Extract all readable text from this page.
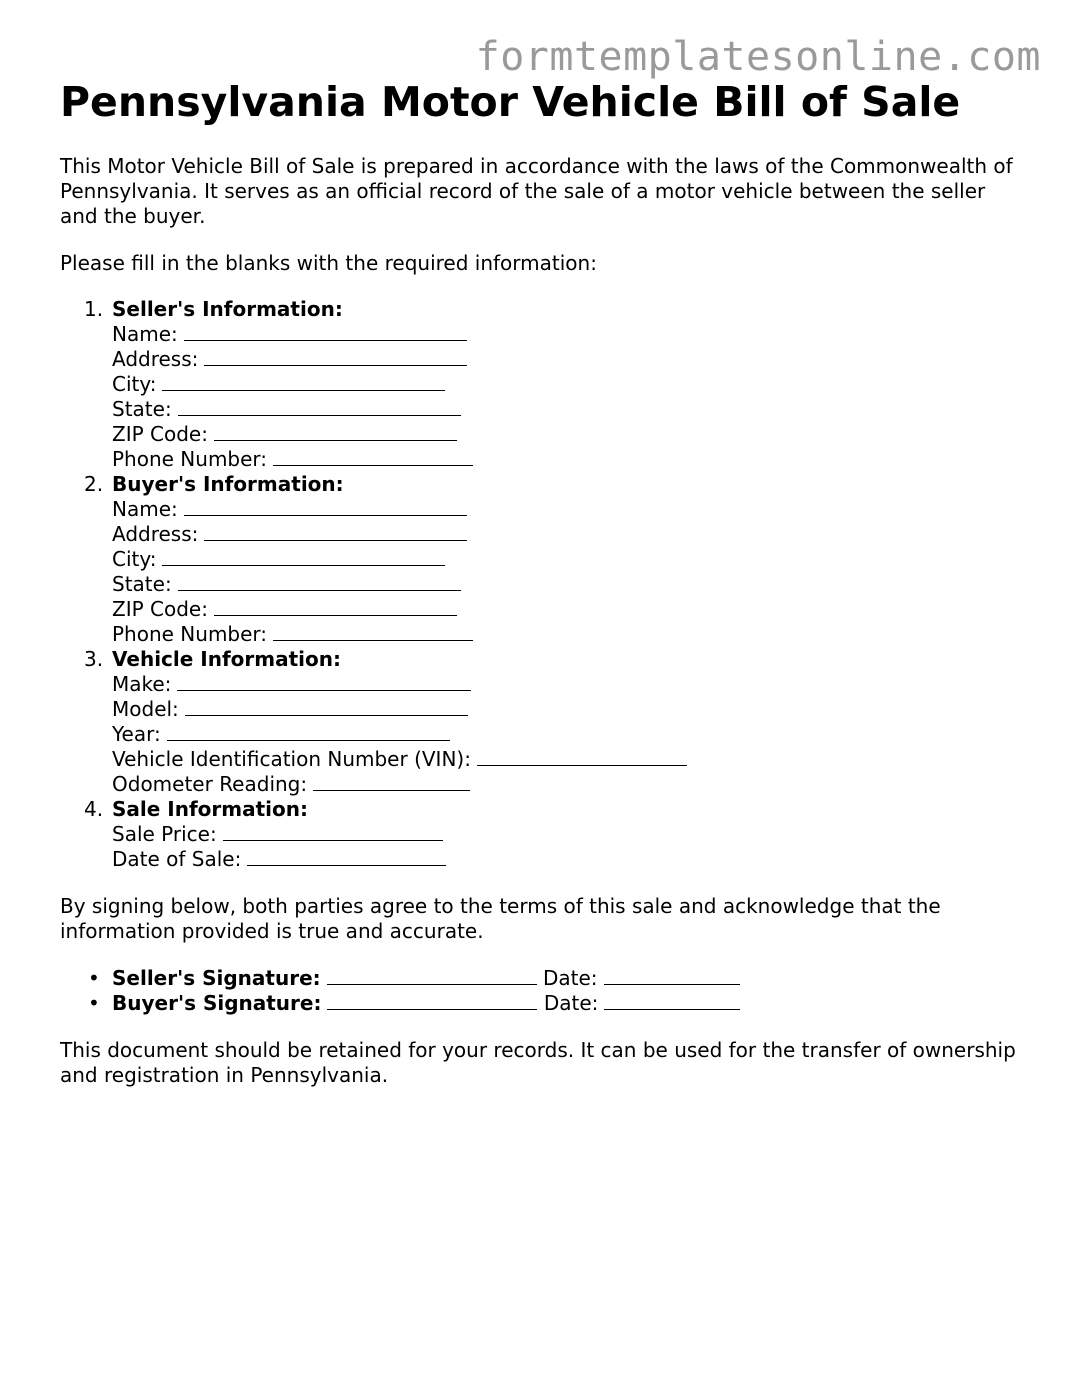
formtemplatesonline.com
Pennsylvania Motor Vehicle Bill of Sale

This Motor Vehicle Bill of Sale is prepared in accordance with the laws of the Commonwealth of Pennsylvania. It serves as an official record of the sale of a motor vehicle between the seller and the buyer.

Please fill in the blanks with the required information:

1. Seller's Information:
Name:
Address:
City:
State:
ZIP Code:
Phone Number:
2. Buyer's Information:
Name:
Address:
City:
State:
ZIP Code:
Phone Number:
3. Vehicle Information:
Make:
Model:
Year:
Vehicle Identification Number (VIN):
Odometer Reading:
4. Sale Information:
Sale Price:
Date of Sale:

By signing below, both parties agree to the terms of this sale and acknowledge that the information provided is true and accurate.

• Seller's Signature:	Date:
• Buyer's Signature:	Date:

This document should be retained for your records. It can be used for the transfer of ownership and registration in Pennsylvania.
